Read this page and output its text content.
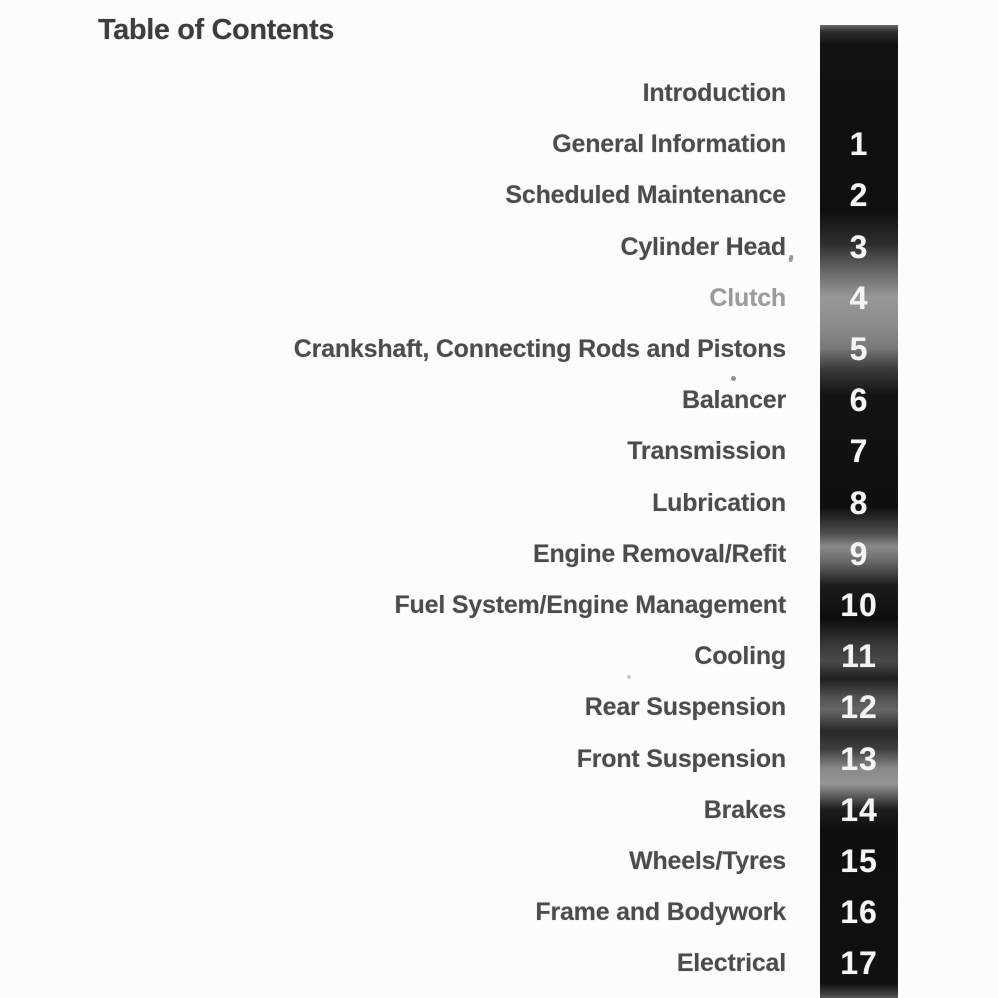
Table of Contents
Introduction
General Information
Scheduled Maintenance
Cylinder Head
Clutch
Crankshaft, Connecting Rods and Pistons
Balancer
Transmission
Lubrication
Engine Removal/Refit
Fuel System/Engine Management
Cooling
Rear Suspension
Front Suspension
Brakes
Wheels/Tyres
Frame and Bodywork
Electrical
1
2
3
4
5
6
7
8
9
10
11
12
13
14
15
16
17
